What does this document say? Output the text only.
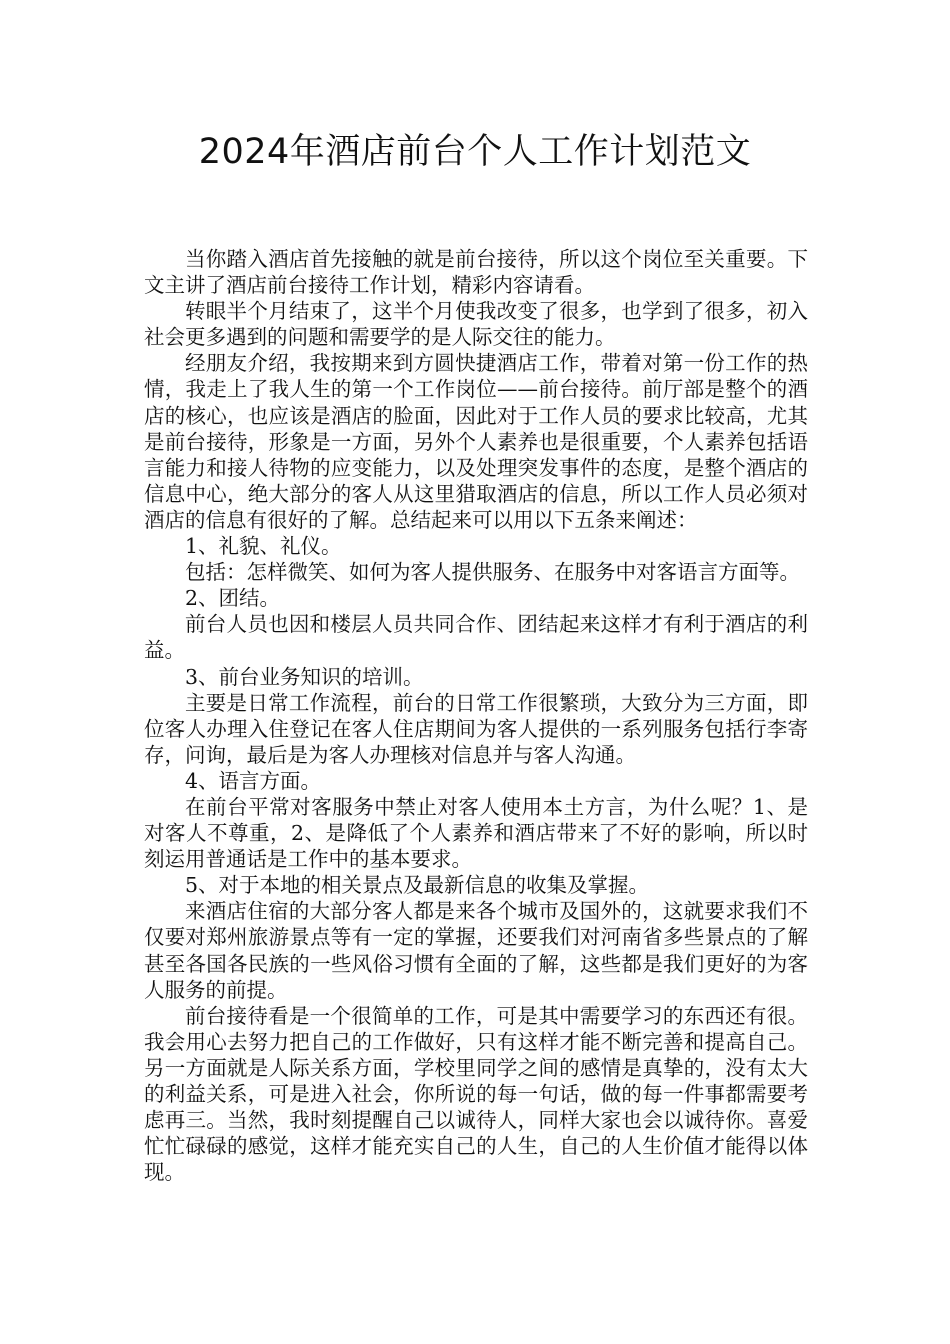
2024年酒店前台个人工作计划范文

当你踏入酒店首先接触的就是前台接待，所以这个岗位至关重要。下文主讲了酒店前台接待工作计划，精彩内容请看。

转眼半个月结束了，这半个月使我改变了很多，也学到了很多，初入社会更多遇到的问题和需要学的是人际交往的能力。

经朋友介绍，我按期来到方圆快捷酒店工作，带着对第一份工作的热情，我走上了我人生的第一个工作岗位——前台接待。前厅部是整个的酒店的核心，也应该是酒店的脸面，因此对于工作人员的要求比较高，尤其是前台接待，形象是一方面，另外个人素养也是很重要，个人素养包括语言能力和接人待物的应变能力，以及处理突发事件的态度，是整个酒店的信息中心，绝大部分的客人从这里猎取酒店的信息，所以工作人员必须对酒店的信息有很好的了解。总结起来可以用以下五条来阐述：

1、礼貌、礼仪。

包括：怎样微笑、如何为客人提供服务、在服务中对客语言方面等。

2、团结。

前台人员也因和楼层人员共同合作、团结起来这样才有利于酒店的利益。

3、前台业务知识的培训。

主要是日常工作流程，前台的日常工作很繁琐，大致分为三方面，即位客人办理入住登记在客人住店期间为客人提供的一系列服务包括行李寄存，问询，最后是为客人办理核对信息并与客人沟通。

4、语言方面。

在前台平常对客服务中禁止对客人使用本土方言，为什么呢？1、是对客人不尊重，2、是降低了个人素养和酒店带来了不好的影响，所以时刻运用普通话是工作中的基本要求。

5、对于本地的相关景点及最新信息的收集及掌握。

来酒店住宿的大部分客人都是来各个城市及国外的，这就要求我们不仅要对郑州旅游景点等有一定的掌握，还要我们对河南省多些景点的了解甚至各国各民族的一些风俗习惯有全面的了解，这些都是我们更好的为客人服务的前提。

前台接待看是一个很简单的工作，可是其中需要学习的东西还有很。我会用心去努力把自己的工作做好，只有这样才能不断完善和提高自己。另一方面就是人际关系方面，学校里同学之间的感情是真挚的，没有太大的利益关系，可是进入社会，你所说的每一句话，做的每一件事都需要考虑再三。当然，我时刻提醒自己以诚待人，同样大家也会以诚待你。喜爱忙忙碌碌的感觉，这样才能充实自己的人生，自己的人生价值才能得以体现。
